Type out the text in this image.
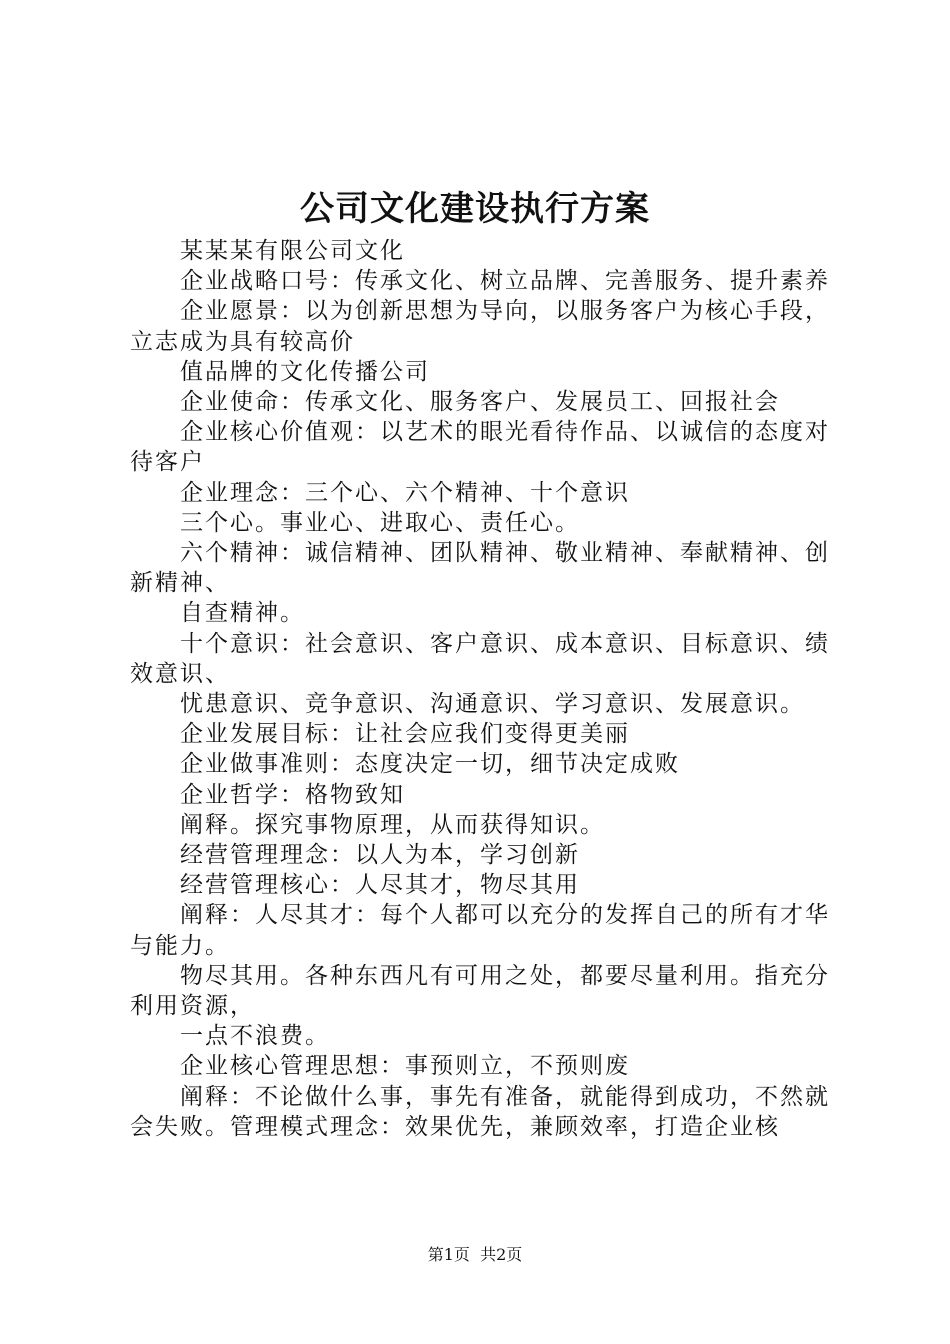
公司文化建设执行方案

某某某有限公司文化

企业战略口号：传承文化、树立品牌、完善服务、提升素养

企业愿景：以为创新思想为导向，以服务客户为核心手段，立志成为具有较高价

值品牌的文化传播公司

企业使命：传承文化、服务客户、发展员工、回报社会

企业核心价值观：以艺术的眼光看待作品、以诚信的态度对待客户

企业理念：三个心、六个精神、十个意识

三个心。事业心、进取心、责任心。

六个精神：诚信精神、团队精神、敬业精神、奉献精神、创新精神、

自查精神。

十个意识：社会意识、客户意识、成本意识、目标意识、绩效意识、

忧患意识、竞争意识、沟通意识、学习意识、发展意识。

企业发展目标：让社会应我们变得更美丽

企业做事准则：态度决定一切，细节决定成败

企业哲学：格物致知

阐释。探究事物原理，从而获得知识。

经营管理理念：以人为本，学习创新

经营管理核心：人尽其才，物尽其用

阐释：人尽其才：每个人都可以充分的发挥自己的所有才华与能力。

物尽其用。各种东西凡有可用之处，都要尽量利用。指充分利用资源，

一点不浪费。

企业核心管理思想：事预则立，不预则废

阐释：不论做什么事，事先有准备，就能得到成功，不然就会失败。管理模式理念：效果优先，兼顾效率，打造企业核

第1页  共2页
